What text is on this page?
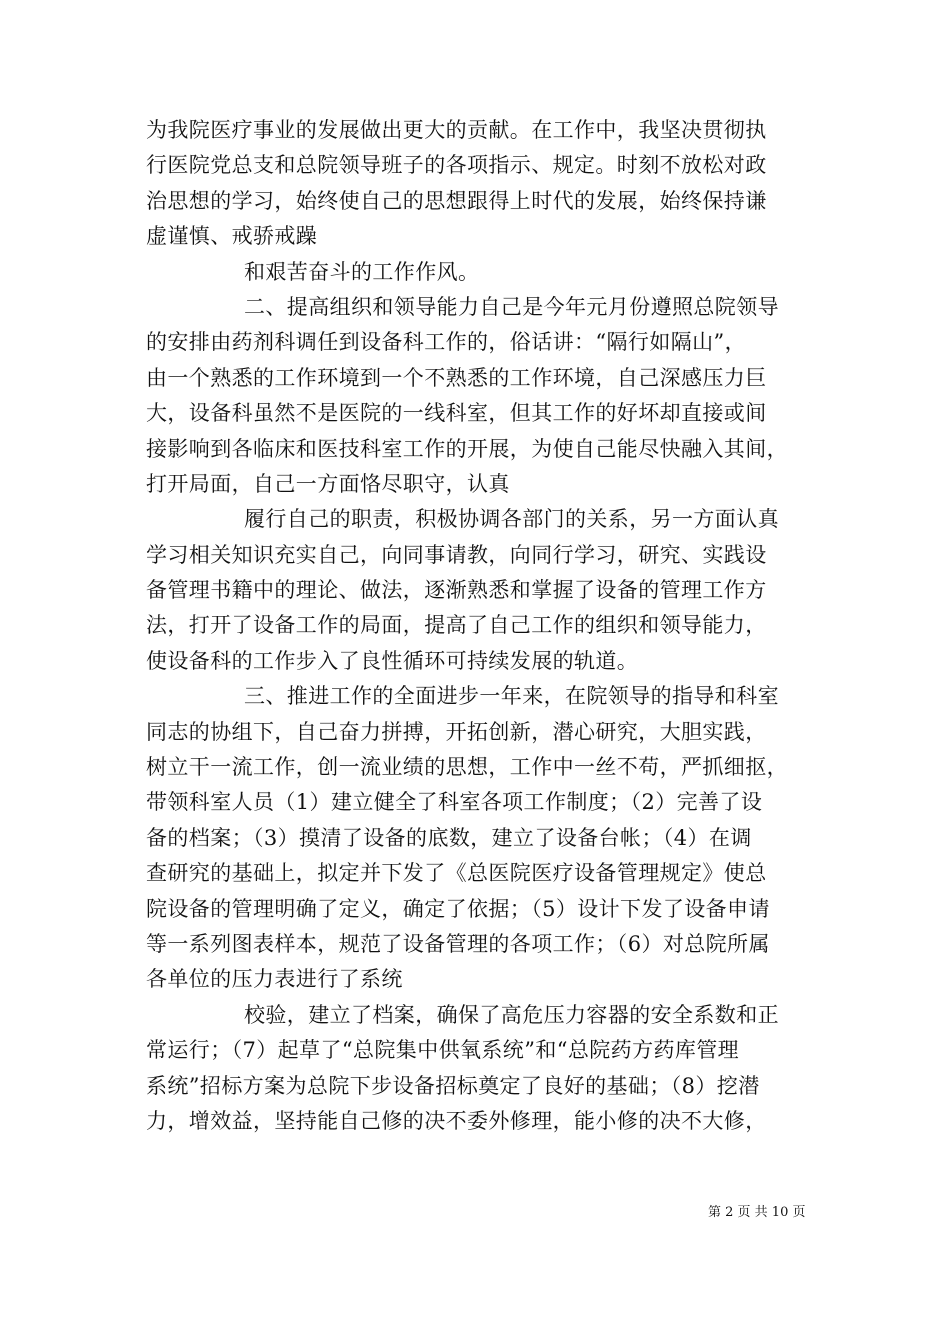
为我院医疗事业的发展做出更大的贡献。在工作中，我坚决贯彻执
行医院党总支和总院领导班子的各项指示、规定。时刻不放松对政
治思想的学习，始终使自己的思想跟得上时代的发展，始终保持谦
虚谨慎、戒骄戒躁
和艰苦奋斗的工作作风。
二、提高组织和领导能力自己是今年元月份遵照总院领导
的安排由药剂科调任到设备科工作的，俗话讲：“隔行如隔山”，
由一个熟悉的工作环境到一个不熟悉的工作环境，自己深感压力巨
大，设备科虽然不是医院的一线科室，但其工作的好坏却直接或间
接影响到各临床和医技科室工作的开展，为使自己能尽快融入其间，
打开局面，自己一方面恪尽职守，认真
履行自己的职责，积极协调各部门的关系，另一方面认真
学习相关知识充实自己，向同事请教，向同行学习，研究、实践设
备管理书籍中的理论、做法，逐渐熟悉和掌握了设备的管理工作方
法，打开了设备工作的局面，提高了自己工作的组织和领导能力，
使设备科的工作步入了良性循环可持续发展的轨道。
三、推进工作的全面进步一年来，在院领导的指导和科室
同志的协组下，自己奋力拼搏，开拓创新，潜心研究，大胆实践，
树立干一流工作，创一流业绩的思想，工作中一丝不苟，严抓细抠，
带领科室人员（1）建立健全了科室各项工作制度；（2）完善了设
备的档案；（3）摸清了设备的底数，建立了设备台帐；（4）在调
查研究的基础上，拟定并下发了《总医院医疗设备管理规定》使总
院设备的管理明确了定义，确定了依据；（5）设计下发了设备申请
等一系列图表样本，规范了设备管理的各项工作；（6）对总院所属
各单位的压力表进行了系统
校验，建立了档案，确保了高危压力容器的安全系数和正
常运行；（7）起草了“总院集中供氧系统”和“总院药方药库管理
系统”招标方案为总院下步设备招标奠定了良好的基础；（8）挖潜
力，增效益，坚持能自己修的决不委外修理，能小修的决不大修，
第 2 页 共 10 页
